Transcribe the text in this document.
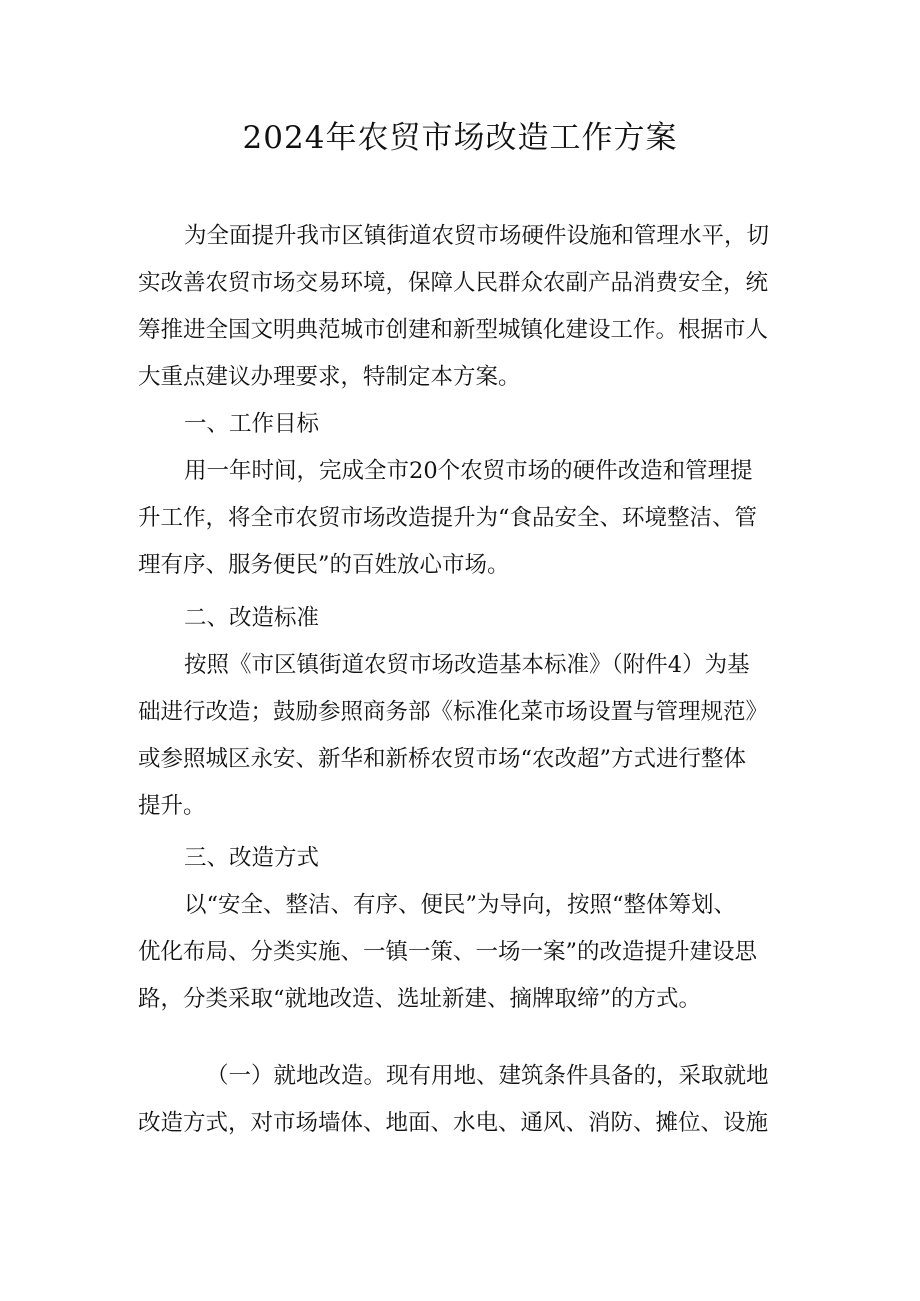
2024年农贸市场改造工作方案

为全面提升我市区镇街道农贸市场硬件设施和管理水平，切
实改善农贸市场交易环境，保障人民群众农副产品消费安全，统
筹推进全国文明典范城市创建和新型城镇化建设工作。根据市人
大重点建议办理要求，特制定本方案。

一、工作目标

用一年时间，完成全市20个农贸市场的硬件改造和管理提
升工作，将全市农贸市场改造提升为“食品安全、环境整洁、管
理有序、服务便民”的百姓放心市场。

二、改造标准

按照《市区镇街道农贸市场改造基本标准》（附件4）为基
础进行改造；鼓励参照商务部《标准化菜市场设置与管理规范》
或参照城区永安、新华和新桥农贸市场“农改超”方式进行整体
提升。

三、改造方式

以“安全、整洁、有序、便民”为导向，按照“整体筹划、
优化布局、分类实施、一镇一策、一场一案”的改造提升建设思
路，分类采取“就地改造、选址新建、摘牌取缔”的方式。

（一）就地改造。现有用地、建筑条件具备的，采取就地
改造方式，对市场墙体、地面、水电、通风、消防、摊位、设施
